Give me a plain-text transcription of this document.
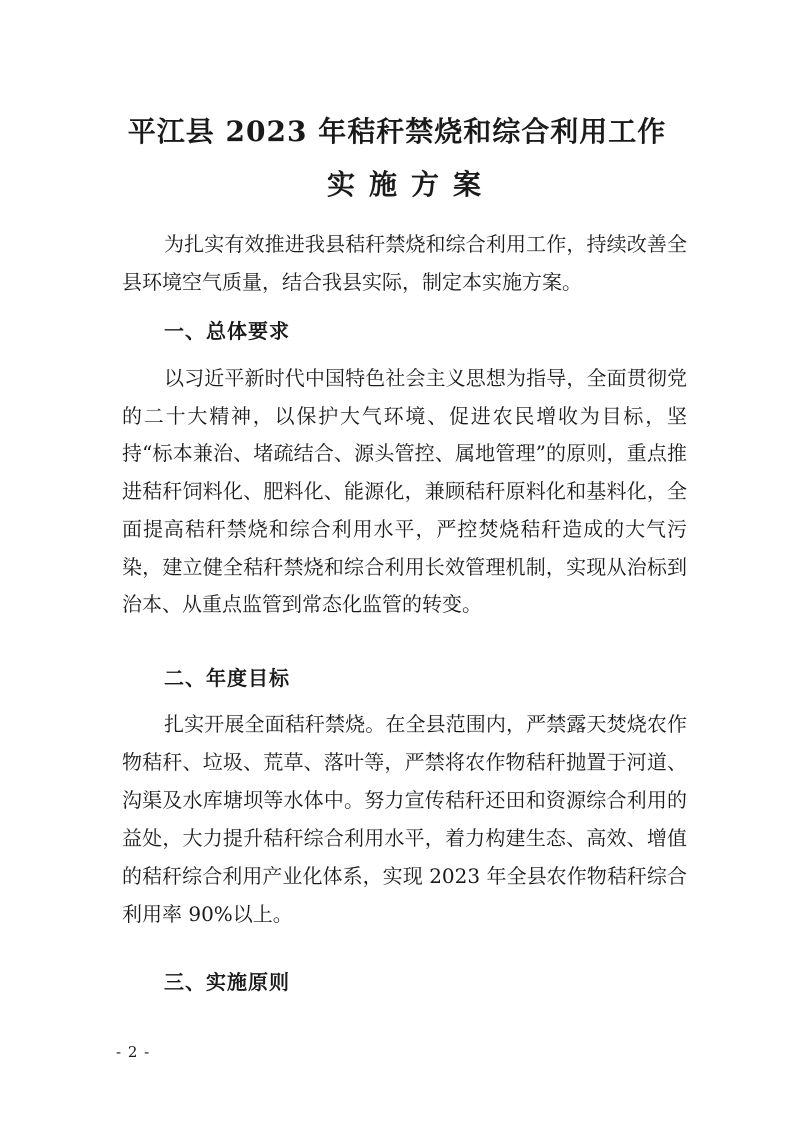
平江县 2023 年秸秆禁烧和综合利用工作
实施方案

为扎实有效推进我县秸秆禁烧和综合利用工作，持续改善全县环境空气质量，结合我县实际，制定本实施方案。

一、总体要求

以习近平新时代中国特色社会主义思想为指导，全面贯彻党的二十大精神，以保护大气环境、促进农民增收为目标，坚持“标本兼治、堵疏结合、源头管控、属地管理”的原则，重点推进秸秆饲料化、肥料化、能源化，兼顾秸秆原料化和基料化，全面提高秸秆禁烧和综合利用水平，严控焚烧秸秆造成的大气污染，建立健全秸秆禁烧和综合利用长效管理机制，实现从治标到治本、从重点监管到常态化监管的转变。

二、年度目标

扎实开展全面秸秆禁烧。在全县范围内，严禁露天焚烧农作物秸秆、垃圾、荒草、落叶等，严禁将农作物秸秆抛置于河道、沟渠及水库塘坝等水体中。努力宣传秸秆还田和资源综合利用的益处，大力提升秸秆综合利用水平，着力构建生态、高效、增值的秸秆综合利用产业化体系，实现 2023 年全县农作物秸秆综合利用率 90%以上。

三、实施原则
- 2 -
